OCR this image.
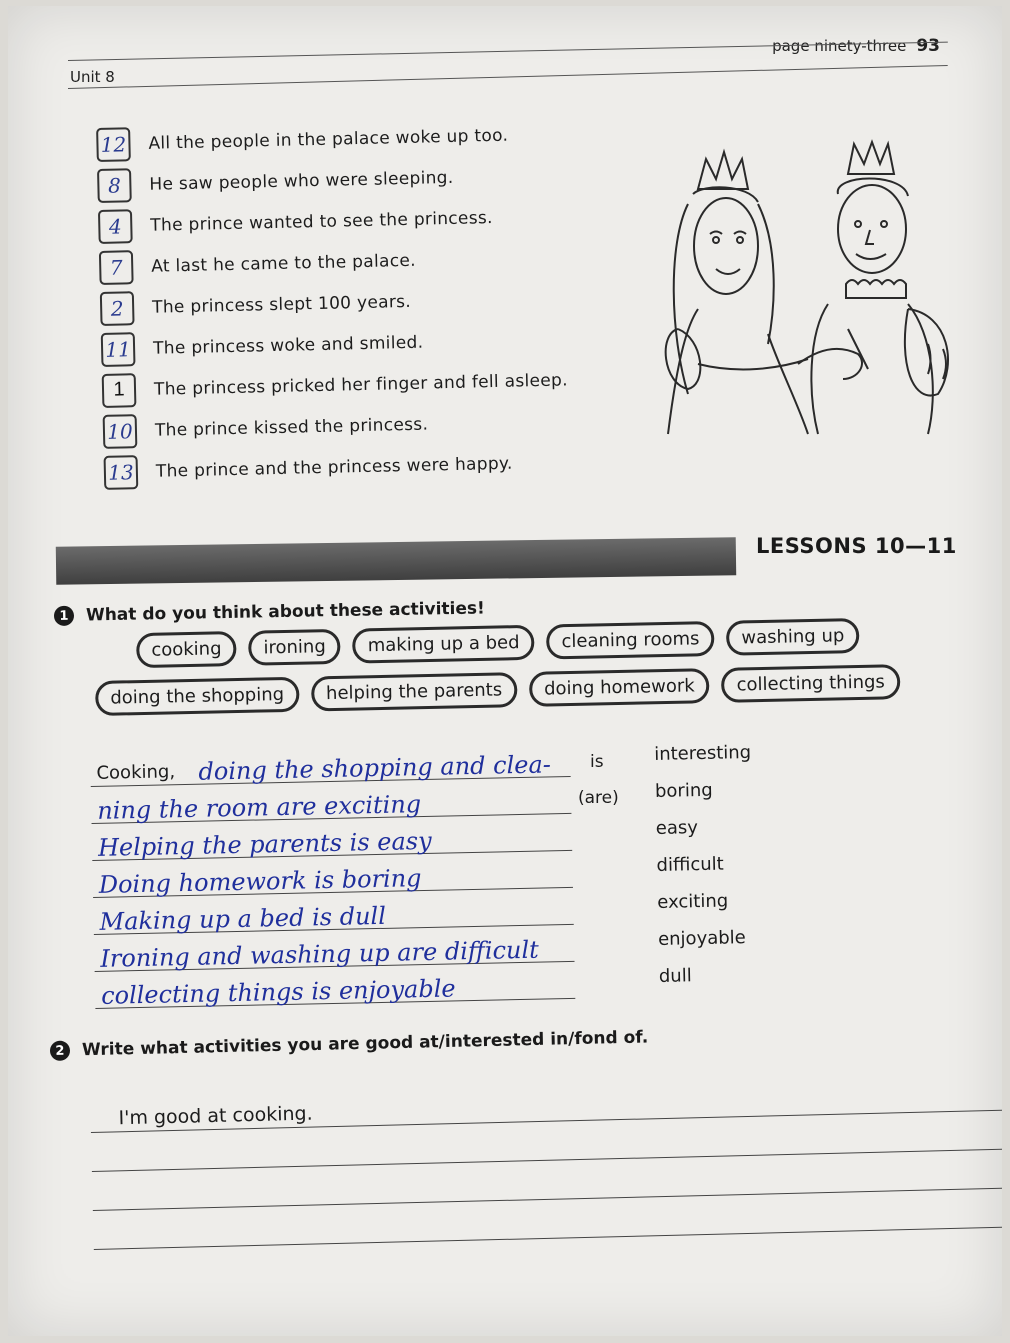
page ninety-three 93
Unit 8
12 All the people in the palace woke up too.
8	He saw people who were sleeping.
4	The prince wanted to see the princess.
7	At last he came to the palace.
2	The princess slept 100 years.
11 The princess woke and smiled.
1	The princess pricked her finger and fell asleep.
10 The prince kissed the princess.
13 The prince and the princess were happy.
LESSONS 10—11
1 What do you think about these activities!
cooking	ironing	making up a bed	cleaning rooms	washing up
doing the shopping	helping the parents	doing homework	collecting things
Cooking, doing the shopping and clea-
ning the room are exciting
Helping the parents is easy
Doing homework is boring
Making up a bed is dull
Ironing and washing up are difficult
collecting things is enjoyable
is
(are)
interesting
boring
easy
difficult
exciting
enjoyable
dull
2 Write what activities you are good at/interested in/fond of.
I'm good at cooking.
